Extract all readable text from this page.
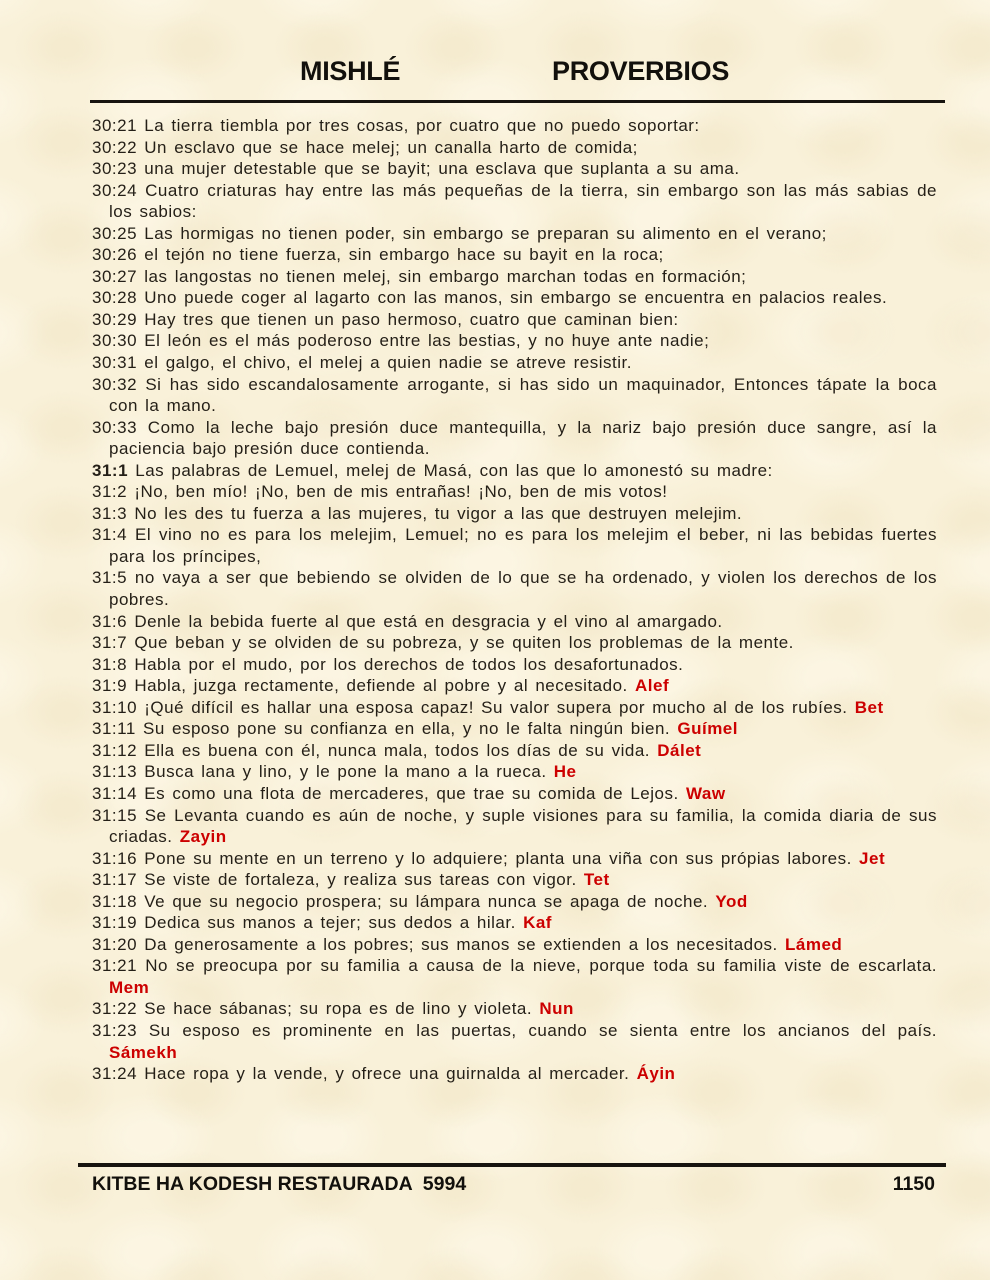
MISHLÉ	PROVERBIOS

30:21 La tierra tiembla por tres cosas, por cuatro que no puedo soportar:

30:22 Un esclavo que se hace melej; un canalla harto de comida;

30:23 una mujer detestable que se bayit; una esclava que suplanta a su ama.

30:24 Cuatro criaturas hay entre las más pequeñas de la tierra, sin embargo son las más sabias de los sabios:

30:25 Las hormigas no tienen poder, sin embargo se preparan su alimento en el verano;

30:26 el tejón no tiene fuerza, sin embargo hace su bayit en la roca;

30:27 las langostas no tienen melej, sin embargo marchan todas en formación;

30:28 Uno puede coger al lagarto con las manos, sin embargo se encuentra en palacios reales.

30:29 Hay tres que tienen un paso hermoso, cuatro que caminan bien:

30:30 El león es el más poderoso entre las bestias, y no huye ante nadie;

30:31 el galgo, el chivo, el melej a quien nadie se atreve resistir.

30:32 Si has sido escandalosamente arrogante, si has sido un maquinador, Entonces tápate la boca con la mano.

30:33 Como la leche bajo presión duce mantequilla, y la nariz bajo presión duce sangre, así la paciencia bajo presión duce contienda.

31:1 Las palabras de Lemuel, melej de Masá, con las que lo amonestó su madre:

31:2 ¡No, ben mío! ¡No, ben de mis entrañas! ¡No, ben de mis votos!

31:3 No les des tu fuerza a las mujeres, tu vigor a las que destruyen melejim.

31:4 El vino no es para los melejim, Lemuel; no es para los melejim el beber, ni las bebidas fuertes para los príncipes,

31:5 no vaya a ser que bebiendo se olviden de lo que se ha ordenado, y violen los derechos de los pobres.

31:6 Denle la bebida fuerte al que está en desgracia y el vino al amargado.

31:7 Que beban y se olviden de su pobreza, y se quiten los problemas de la mente.

31:8 Habla por el mudo, por los derechos de todos los desafortunados.

31:9 Habla, juzga rectamente, defiende al pobre y al necesitado. Alef

31:10 ¡Qué difícil es hallar una esposa capaz! Su valor supera por mucho al de los rubíes. Bet

31:11 Su esposo pone su confianza en ella, y no le falta ningún bien. Guímel

31:12 Ella es buena con él, nunca mala, todos los días de su vida. Dálet

31:13 Busca lana y lino, y le pone la mano a la rueca. He

31:14 Es como una flota de mercaderes, que trae su comida de Lejos. Waw

31:15 Se Levanta cuando es aún de noche, y suple visiones para su familia, la comida diaria de sus criadas. Zayin

31:16 Pone su mente en un terreno y lo adquiere; planta una viña con sus própias labores. Jet

31:17 Se viste de fortaleza, y realiza sus tareas con vigor. Tet

31:18 Ve que su negocio prospera; su lámpara nunca se apaga de noche. Yod

31:19 Dedica sus manos a tejer; sus dedos a hilar. Kaf

31:20 Da generosamente a los pobres; sus manos se extienden a los necesitados. Lámed

31:21 No se preocupa por su familia a causa de la nieve, porque toda su familia viste de escarlata. Mem

31:22 Se hace sábanas; su ropa es de lino y violeta. Nun

31:23 Su esposo es prominente en las puertas, cuando se sienta entre los ancianos del país. Sámekh

31:24 Hace ropa y la vende, y ofrece una guirnalda al mercader. Áyin

KITBE HA KODESH RESTAURADA  5994	1150
